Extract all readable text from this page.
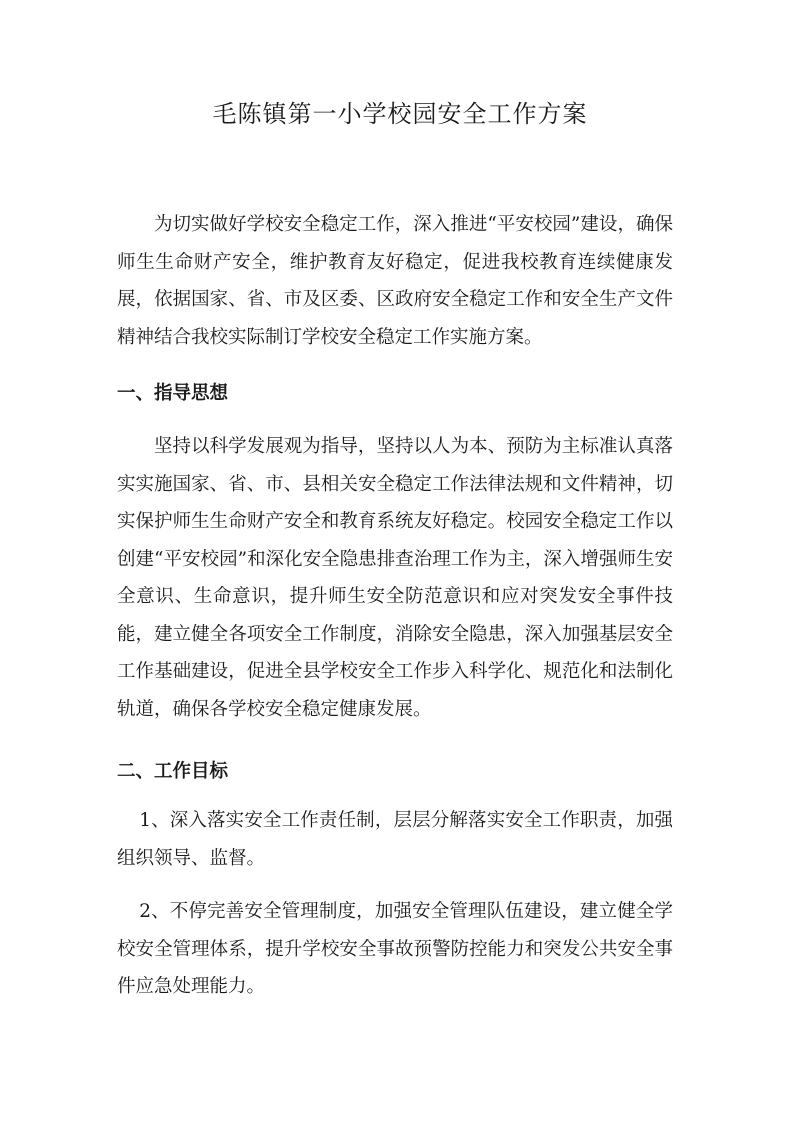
毛陈镇第一小学校园安全工作方案

为切实做好学校安全稳定工作，深入推进“平安校园”建设，确保师生生命财产安全，维护教育友好稳定，促进我校教育连续健康发展，依据国家、省、市及区委、区政府安全稳定工作和安全生产文件精神结合我校实际制订学校安全稳定工作实施方案。

一、指导思想

坚持以科学发展观为指导，坚持以人为本、预防为主标准认真落实实施国家、省、市、县相关安全稳定工作法律法规和文件精神，切实保护师生生命财产安全和教育系统友好稳定。校园安全稳定工作以创建“平安校园”和深化安全隐患排查治理工作为主，深入增强师生安全意识、生命意识，提升师生安全防范意识和应对突发安全事件技能，建立健全各项安全工作制度，消除安全隐患，深入加强基层安全工作基础建设，促进全县学校安全工作步入科学化、规范化和法制化轨道，确保各学校安全稳定健康发展。

二、工作目标

1、深入落实安全工作责任制，层层分解落实安全工作职责，加强组织领导、监督。

2、不停完善安全管理制度，加强安全管理队伍建设，建立健全学校安全管理体系，提升学校安全事故预警防控能力和突发公共安全事件应急处理能力。
